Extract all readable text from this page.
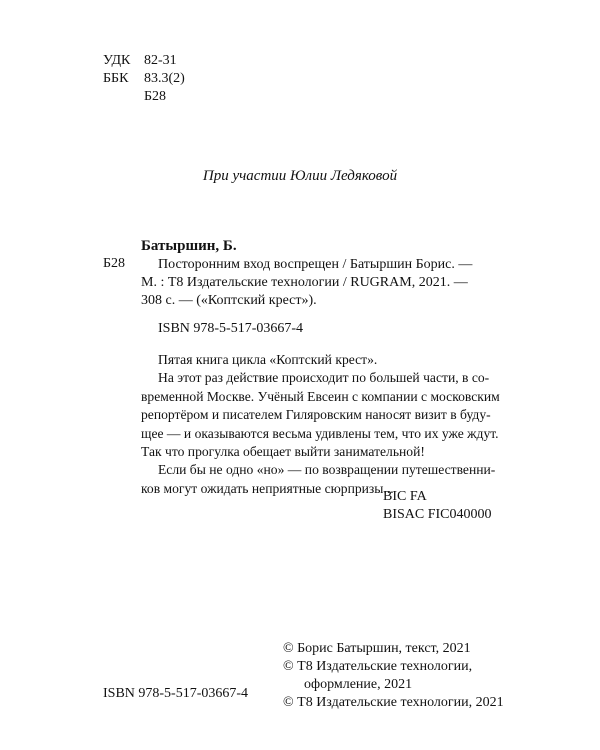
УДК 82-31
ББК	83.3(2)
Б28
При участии Юлии Ледяковой
Батыршин, Б.
Б28	Посторонним вход воспрещен / Батыршин Борис. —
М. : Т8 Издательские технологии / RUGRAM, 2021. —
308 с. — («Коптский крест»).
ISBN 978-5-517-03667-4
Пятая книга цикла «Коптский крест».
На этот раз действие происходит по большей части, в со-
временной Москве. Учёный Евсеин с компании с московским
репортёром и писателем Гиляровским наносят визит в буду-
щее — и оказываются весьма удивлены тем, что их уже ждут.
Так что прогулка обещает выйти занимательной!
Если бы не одно «но» — по возвращении путешественни-
ков могут ожидать неприятные сюрпризы...
BIC FA
BISAC FIC040000
ISBN 978-5-517-03667-4
© Борис Батыршин, текст, 2021
© Т8 Издательские технологии,
оформление, 2021
© Т8 Издательские технологии, 2021
